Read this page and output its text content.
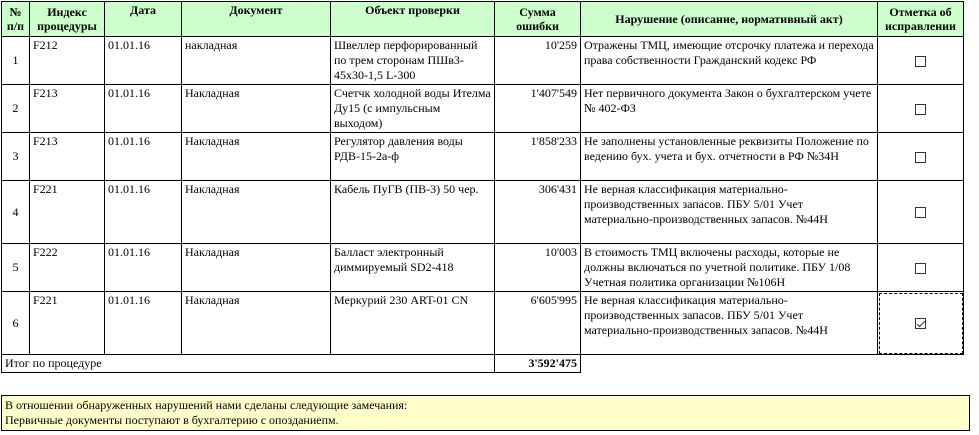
№ п/п	Индекс процедуры	Дата	Документ	Объект проверки	Сумма ошибки	Нарушение (описание, нормативный акт)	Отметка об исправлении
1	F212	01.01.16	накладная	Швеллер перфорированный по трем сторонам ПШв3-45х30-1,5 L-300	10'259	Отражены ТМЦ, имеющие отсрочку платежа и перехода права собственности Гражданский кодекс РФ	
2	F213	01.01.16	Накладная	Счетчк холодной воды Ителма Ду15 (с импульсным выходом)	1'407'549	Нет первичного документа Закон о бухгалтерском учете № 402-ФЗ	
3	F213	01.01.16	Накладная	Регулятор давления воды РДВ-15-2а-ф	1'858'233	Не заполнены установленные реквизиты Положение по ведению бух. учета и бух. отчетности в РФ №34Н	
4	F221	01.01.16	Накладная	Кабель ПуГВ (ПВ-3) 50 чер.	306'431	Не верная классификация материально-производственных запасов. ПБУ 5/01 Учет материально-производственных запасов. №44Н	
5	F222	01.01.16	Накладная	Балласт электронный диммируемый SD2-418	10'003	В стоимость ТМЦ включены расходы, которые не должны включаться по учетной политике. ПБУ 1/08 Учетная политика организации №106Н	
6	F221	01.01.16	Накладная	Меркурий 230 ART-01 CN	6'605'995	Не верная классификация материально-производственных запасов. ПБУ 5/01 Учет материально-производственных запасов. №44Н	
Итог по процедуре					3'592'475		
В отношении обнаруженных нарушений нами сделаны следующие замечания:
Первичные документы поступают в бухгалтерию с опозданиепм.
